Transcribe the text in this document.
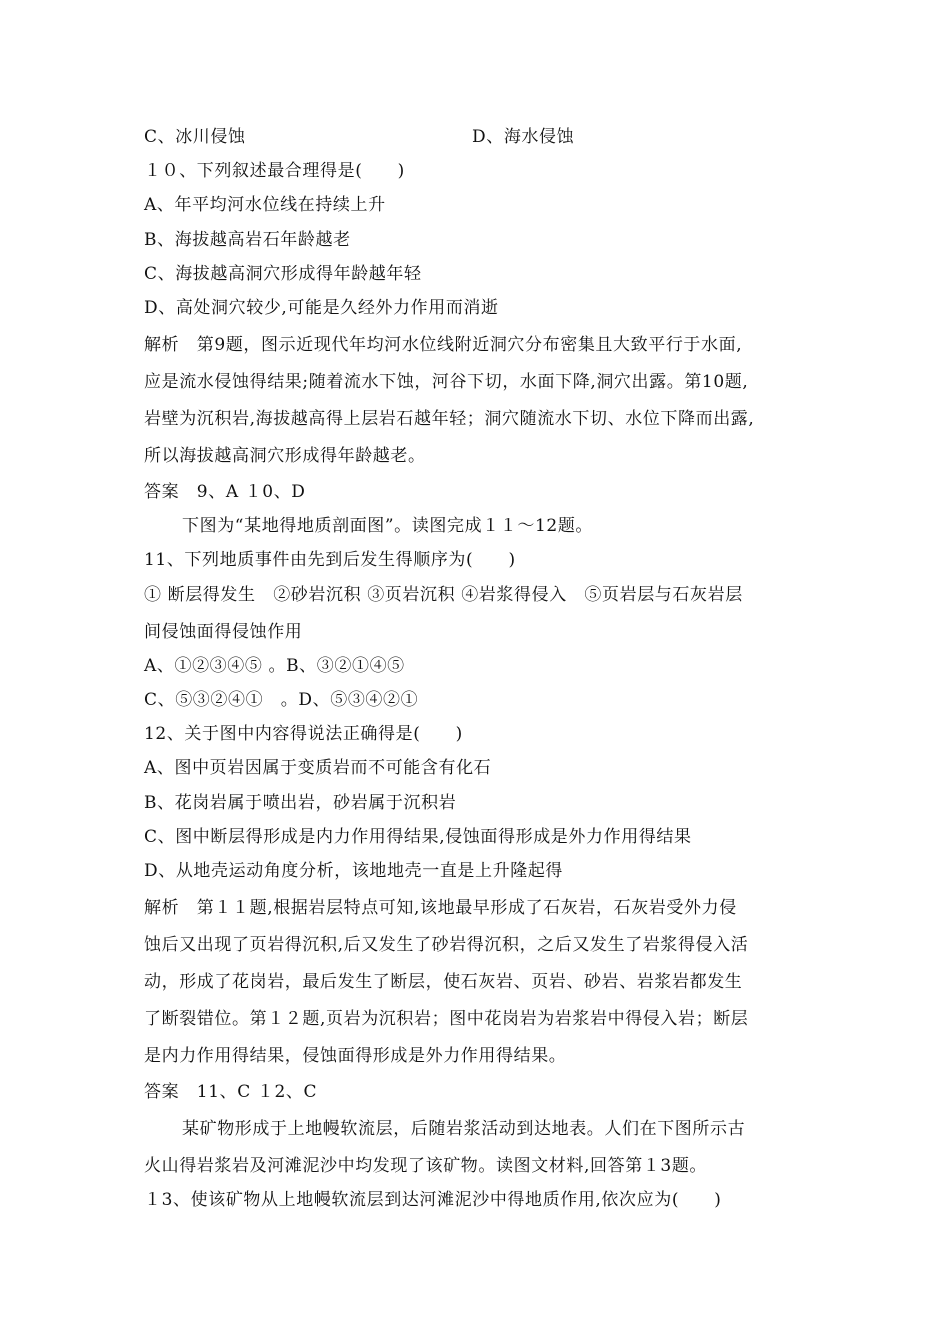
C、冰川侵蚀	D、海水侵蚀
１０、下列叙述最合理得是(　　)
A、年平均河水位线在持续上升
B、海拔越高岩石年龄越老
C、海拔越高洞穴形成得年龄越年轻
D、高处洞穴较少,可能是久经外力作用而消逝
解析　第9题，图示近现代年均河水位线附近洞穴分布密集且大致平行于水面,
应是流水侵蚀得结果;随着流水下蚀，河谷下切，水面下降,洞穴出露。第10题,
岩壁为沉积岩,海拔越高得上层岩石越年轻；洞穴随流水下切、水位下降而出露,
所以海拔越高洞穴形成得年龄越老。
答案　9、A １0、D
下图为“某地得地质剖面图”。读图完成１１～12题。
11、下列地质事件由先到后发生得顺序为(　　)
① 断层得发生　②砂岩沉积 ③页岩沉积 ④岩浆得侵入　⑤页岩层与石灰岩层
间侵蚀面得侵蚀作用
A、①②③④⑤ 。B、③②①④⑤
C、⑤③②④①　。D、⑤③④②①
12、关于图中内容得说法正确得是(　　)
A、图中页岩因属于变质岩而不可能含有化石
B、花岗岩属于喷出岩，砂岩属于沉积岩
C、图中断层得形成是内力作用得结果,侵蚀面得形成是外力作用得结果
D、从地壳运动角度分析，该地地壳一直是上升隆起得
解析　第１１题,根据岩层特点可知,该地最早形成了石灰岩，石灰岩受外力侵
蚀后又出现了页岩得沉积,后又发生了砂岩得沉积，之后又发生了岩浆得侵入活
动，形成了花岗岩，最后发生了断层，使石灰岩、页岩、砂岩、岩浆岩都发生
了断裂错位。第１２题,页岩为沉积岩；图中花岗岩为岩浆岩中得侵入岩；断层
是内力作用得结果，侵蚀面得形成是外力作用得结果。
答案　11、C １2、C
某矿物形成于上地幔软流层，后随岩浆活动到达地表。人们在下图所示古
火山得岩浆岩及河滩泥沙中均发现了该矿物。读图文材料,回答第１3题。
１3、使该矿物从上地幔软流层到达河滩泥沙中得地质作用,依次应为(　　)
